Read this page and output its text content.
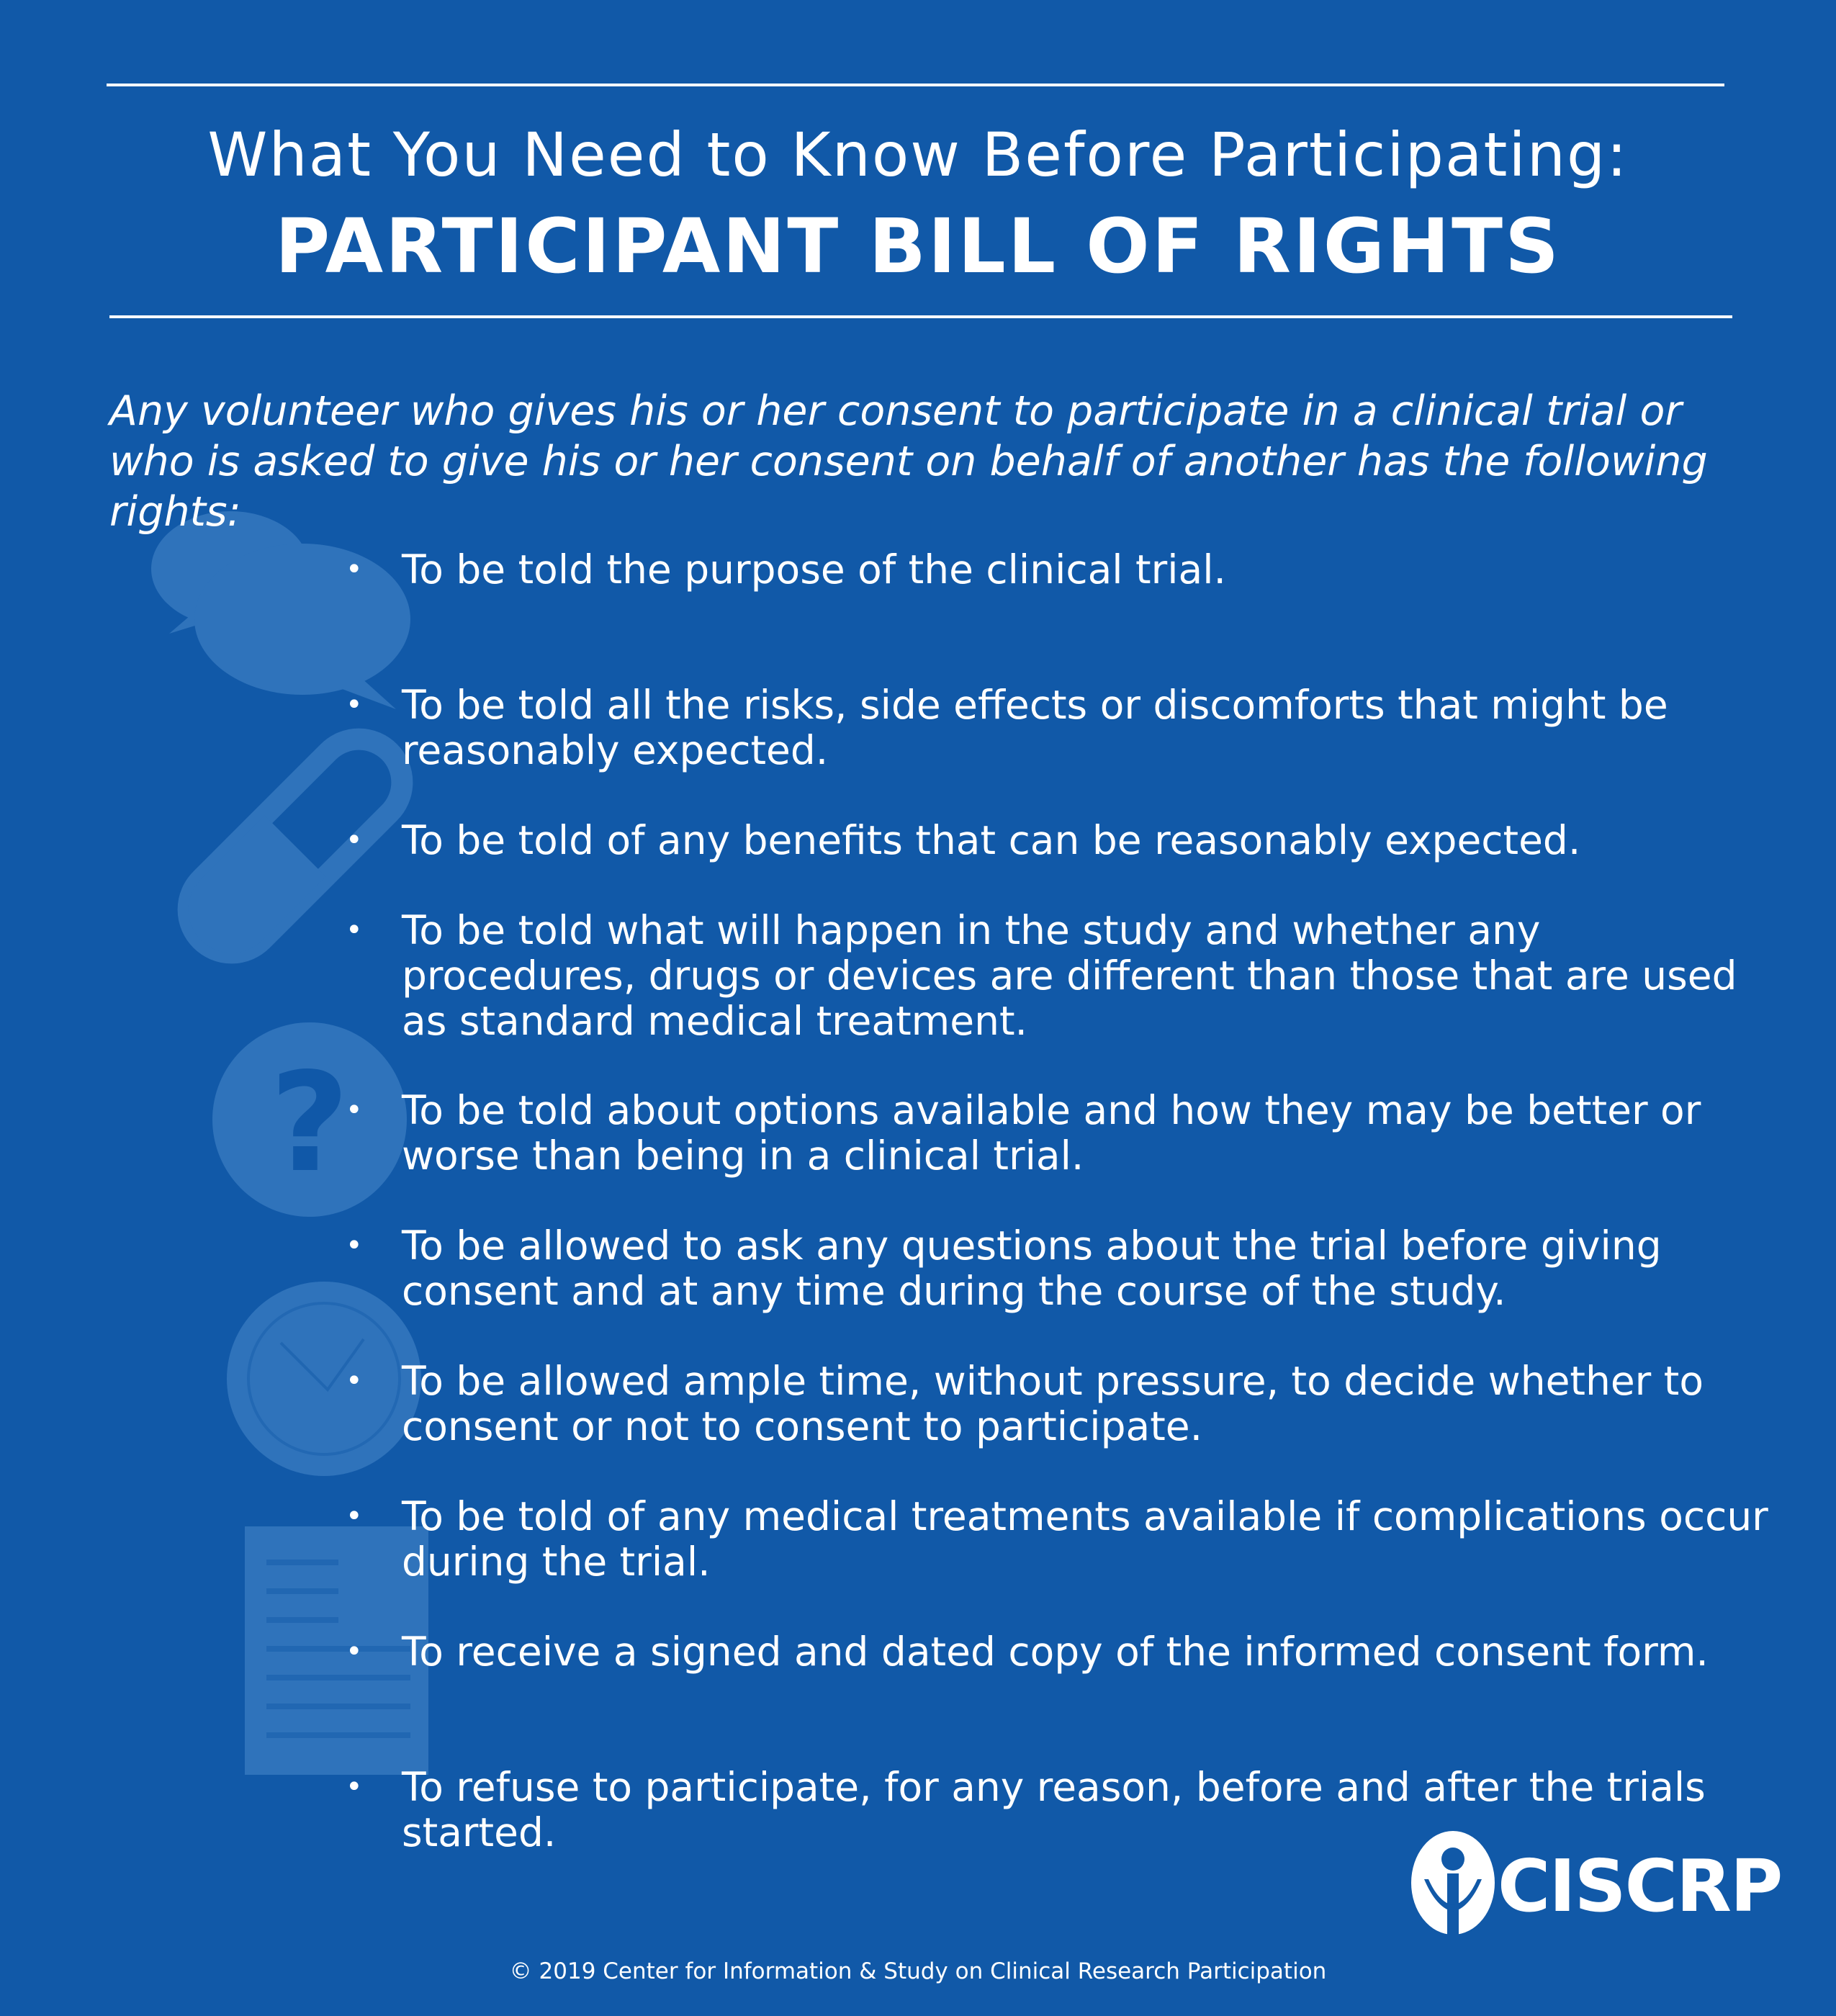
What You Need to Know Before Participating:
PARTICIPANT BILL OF RIGHTS
?
Any volunteer who gives his or her consent to participate in a clinical trial or who is asked to give his or her consent on behalf of another has the following rights:
• To be told the purpose of the clinical trial.
• To be told all the risks, side effects or discomforts that might be reasonably expected.
• To be told of any benefits that can be reasonably expected.
• To be told what will happen in the study and whether any procedures, drugs or devices are different than those that are used as standard medical treatment.
• To be told about options available and how they may be better or worse than being in a clinical trial.
• To be allowed to ask any questions about the trial before giving consent and at any time during the course of the study.
• To be allowed ample time, without pressure, to decide whether to consent or not to consent to participate.
• To be told of any medical treatments available if complications occur during the trial.
• To receive a signed and dated copy of the informed consent form.
• To refuse to participate, for any reason, before and after the trials started.
CISCRP
© 2019 Center for Information & Study on Clinical Research Participation
